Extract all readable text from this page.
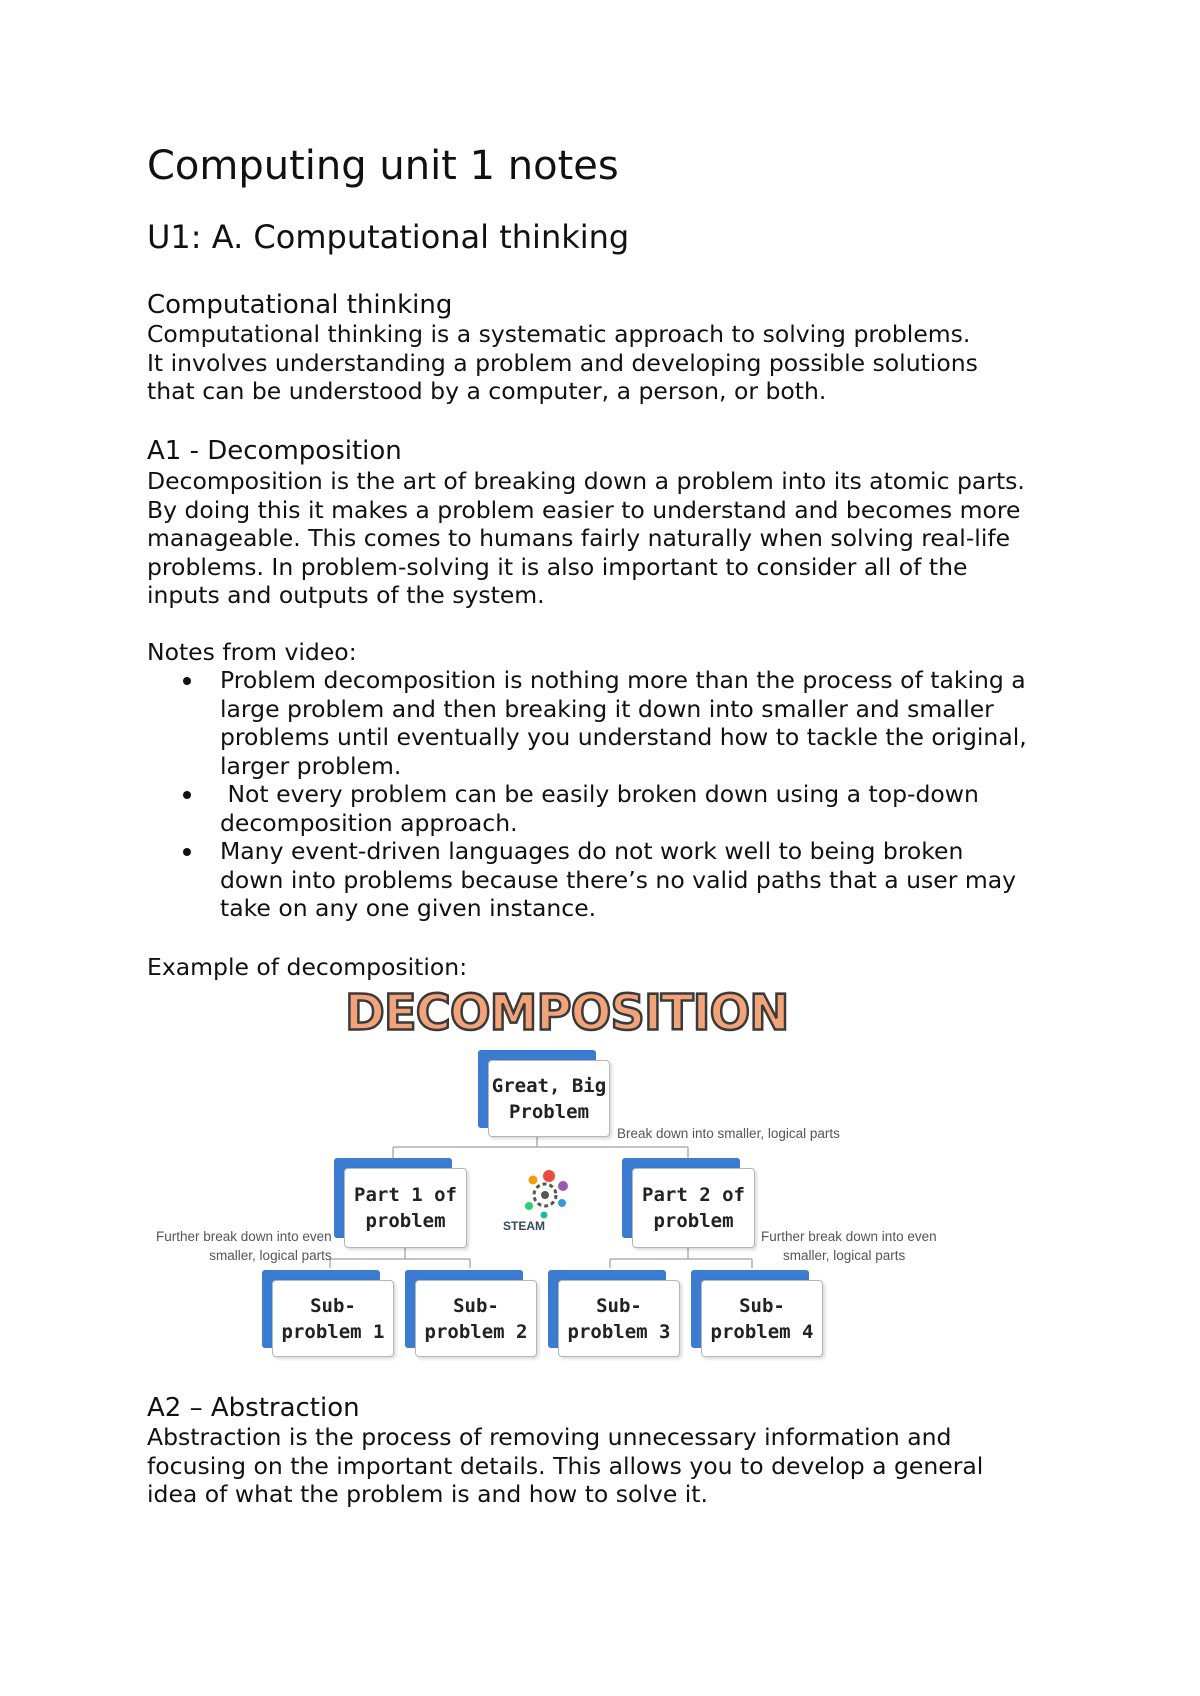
Computing unit 1 notes
U1: A. Computational thinking
Computational thinking

Computational thinking is a systematic approach to solving problems.
It involves understanding a problem and developing possible solutions
that can be understood by a computer, a person, or both.

A1 - Decomposition

Decomposition is the art of breaking down a problem into its atomic parts.
By doing this it makes a problem easier to understand and becomes more
manageable. This comes to humans fairly naturally when solving real-life
problems. In problem-solving it is also important to consider all of the
inputs and outputs of the system.

Notes from video:
Problem decomposition is nothing more than the process of taking a
large problem and then breaking it down into smaller and smaller
problems until eventually you understand how to tackle the original,
larger problem.
Not every problem can be easily broken down using a top-down
decomposition approach.
Many event-driven languages do not work well to being broken
down into problems because there’s no valid paths that a user may
take on any one given instance.
Example of decomposition:
A2 – Abstraction

Abstraction is the process of removing unnecessary information and
focusing on the important details. This allows you to develop a general
idea of what the problem is and how to solve it.

DECOMPOSITION
Great, Big
Problem
Break down into smaller, logical parts
Part 1 of
problem
Part 2 of
problem
STEAM
Further break down into even
smaller, logical parts
Further break down into even
smaller, logical parts
Sub-
problem 1
Sub-
problem 2
Sub-
problem 3
Sub-
problem 4
